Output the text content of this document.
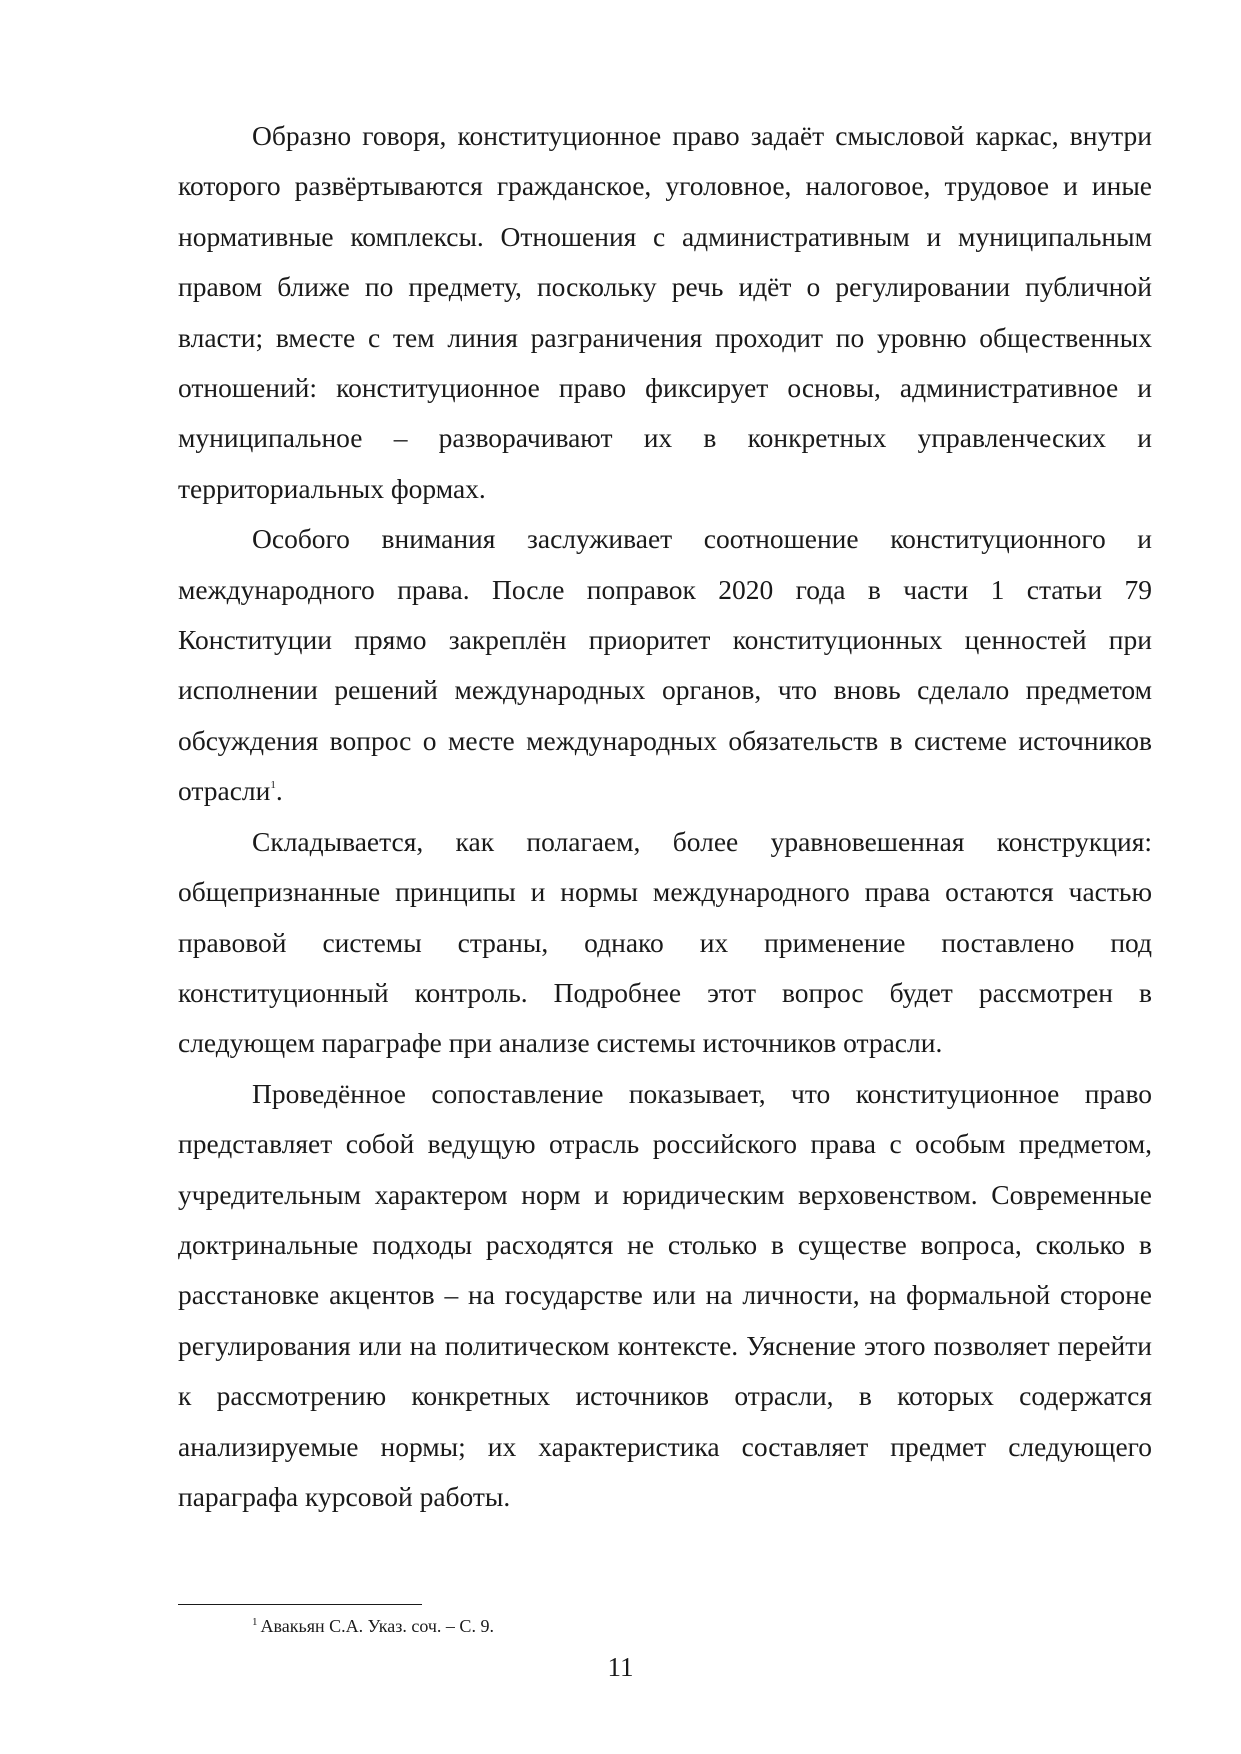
Образно говоря, конституционное право задаёт смысловой каркас, внутри которого развёртываются гражданское, уголовное, налоговое, трудовое и иные нормативные комплексы. Отношения с административным и муниципальным правом ближе по предмету, поскольку речь идёт о регулировании публичной власти; вместе с тем линия разграничения проходит по уровню общественных отношений: конституционное право фиксирует основы, административное и муниципальное – разворачивают их в конкретных управленческих и территориальных формах.

Особого внимания заслуживает соотношение конституционного и международного права. После поправок 2020 года в части 1 статьи 79 Конституции прямо закреплён приоритет конституционных ценностей при исполнении решений международных органов, что вновь сделало предметом обсуждения вопрос о месте международных обязательств в системе источников отрасли$^1$.

Складывается, как полагаем, более уравновешенная конструкция: общепризнанные принципы и нормы международного права остаются частью правовой системы страны, однако их применение поставлено под конституционный контроль. Подробнее этот вопрос будет рассмотрен в следующем параграфе при анализе системы источников отрасли.

Проведённое сопоставление показывает, что конституционное право представляет собой ведущую отрасль российского права с особым предметом, учредительным характером норм и юридическим верховенством. Современные доктринальные подходы расходятся не столько в существе вопроса, сколько в расстановке акцентов – на государстве или на личности, на формальной стороне регулирования или на политическом контексте. Уяснение этого позволяет перейти к рассмотрению конкретных источников отрасли, в которых содержатся анализируемые нормы; их характеристика составляет предмет следующего параграфа курсовой работы.

$^1$ Авакьян С.А. Указ. соч. – С. 9.
11
